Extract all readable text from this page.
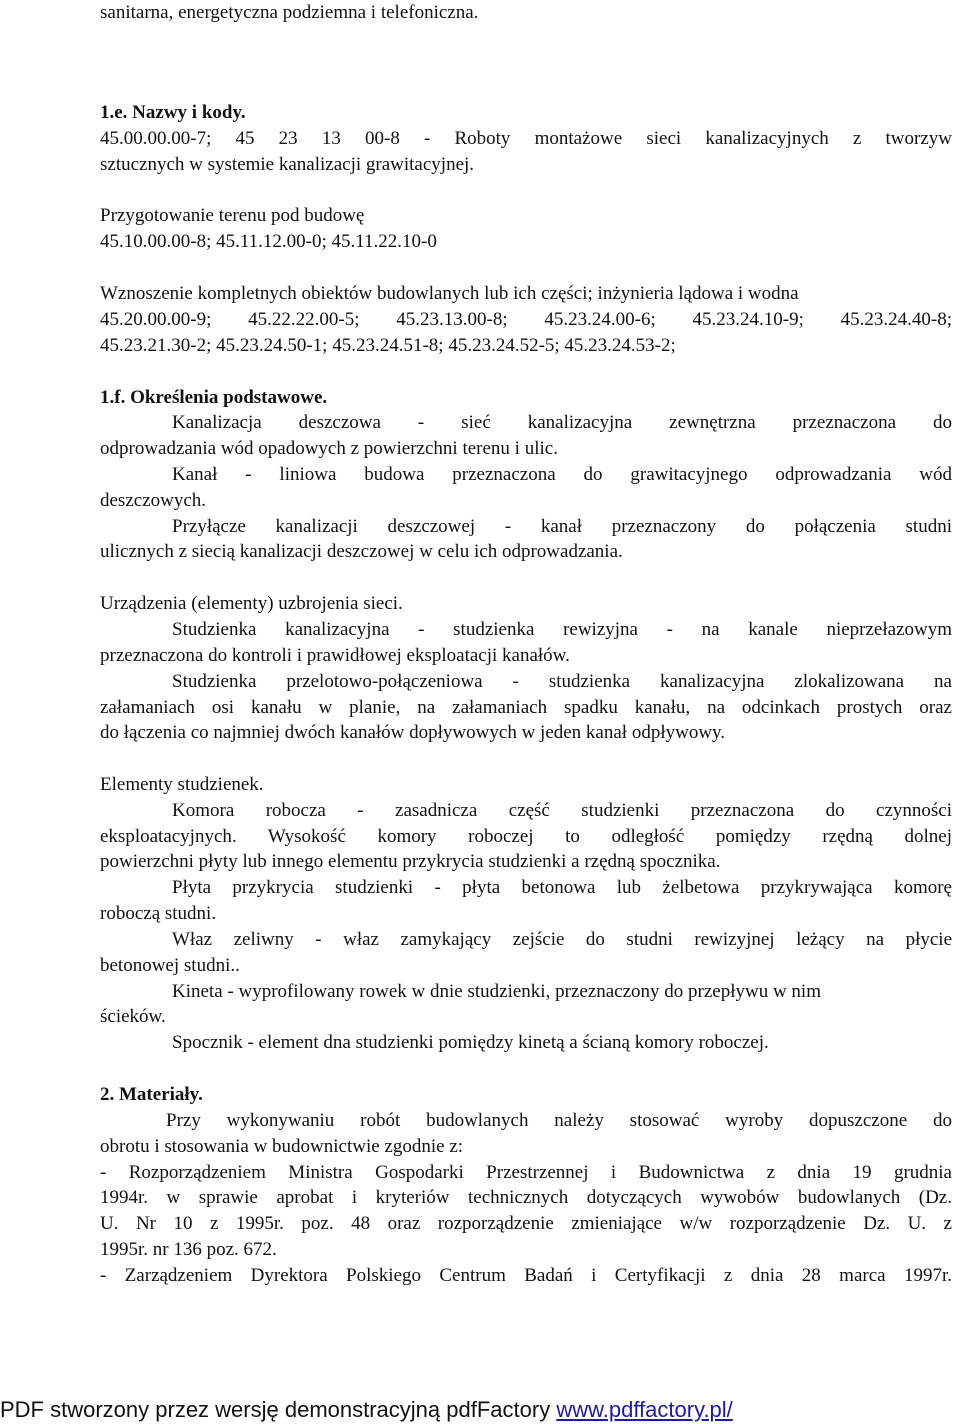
sanitarna, energetyczna podziemna i telefoniczna.
1.e. Nazwy i kody.
45.00.00.00-7; 45 23 13 00-8 - Roboty montażowe sieci kanalizacyjnych z tworzyw
sztucznych w systemie kanalizacji grawitacyjnej.
Przygotowanie terenu pod budowę
45.10.00.00-8; 45.11.12.00-0; 45.11.22.10-0
Wznoszenie kompletnych obiektów budowlanych lub ich części; inżynieria lądowa i wodna
45.20.00.00-9; 45.22.22.00-5; 45.23.13.00-8; 45.23.24.00-6; 45.23.24.10-9; 45.23.24.40-8;
45.23.21.30-2; 45.23.24.50-1; 45.23.24.51-8; 45.23.24.52-5; 45.23.24.53-2;
1.f. Określenia podstawowe.
Kanalizacja deszczowa - sieć kanalizacyjna zewnętrzna przeznaczona do
odprowadzania wód opadowych z powierzchni terenu i ulic.
Kanał - liniowa budowa przeznaczona do grawitacyjnego odprowadzania wód
deszczowych.
Przyłącze kanalizacji deszczowej - kanał przeznaczony do połączenia studni
ulicznych z siecią kanalizacji deszczowej w celu ich odprowadzania.
Urządzenia (elementy) uzbrojenia sieci.
Studzienka kanalizacyjna - studzienka rewizyjna - na kanale nieprzełazowym
przeznaczona do kontroli i prawidłowej eksploatacji kanałów.
Studzienka przelotowo-połączeniowa - studzienka kanalizacyjna zlokalizowana na
załamaniach osi kanału w planie, na załamaniach spadku kanału, na odcinkach prostych oraz
do łączenia co najmniej dwóch kanałów dopływowych w jeden kanał odpływowy.
Elementy studzienek.
Komora robocza - zasadnicza część studzienki przeznaczona do czynności
eksploatacyjnych. Wysokość komory roboczej to odległość pomiędzy rzędną dolnej
powierzchni płyty lub innego elementu przykrycia studzienki a rzędną spocznika.
Płyta przykrycia studzienki - płyta betonowa lub żelbetowa przykrywająca komorę
roboczą studni.
Właz zeliwny - właz zamykający zejście do studni rewizyjnej leżący na płycie
betonowej studni..
Kineta - wyprofilowany rowek w dnie studzienki, przeznaczony do przepływu w nim
ścieków.
Spocznik - element dna studzienki pomiędzy kinetą a ścianą komory roboczej.
2. Materiały.
Przy wykonywaniu robót budowlanych należy stosować wyroby dopuszczone do
obrotu i stosowania w budownictwie zgodnie z:
- Rozporządzeniem Ministra Gospodarki Przestrzennej i Budownictwa z dnia 19 grudnia
1994r. w sprawie aprobat i kryteriów technicznych dotyczących wywobów budowlanych (Dz.
U. Nr 10 z 1995r. poz. 48 oraz rozporządzenie zmieniające w/w rozporządzenie Dz. U. z
1995r. nr 136 poz. 672.
- Zarządzeniem Dyrektora Polskiego Centrum Badań i Certyfikacji z dnia 28 marca 1997r.
PDF stworzony przez wersję demonstracyjną pdfFactory www.pdffactory.pl/
